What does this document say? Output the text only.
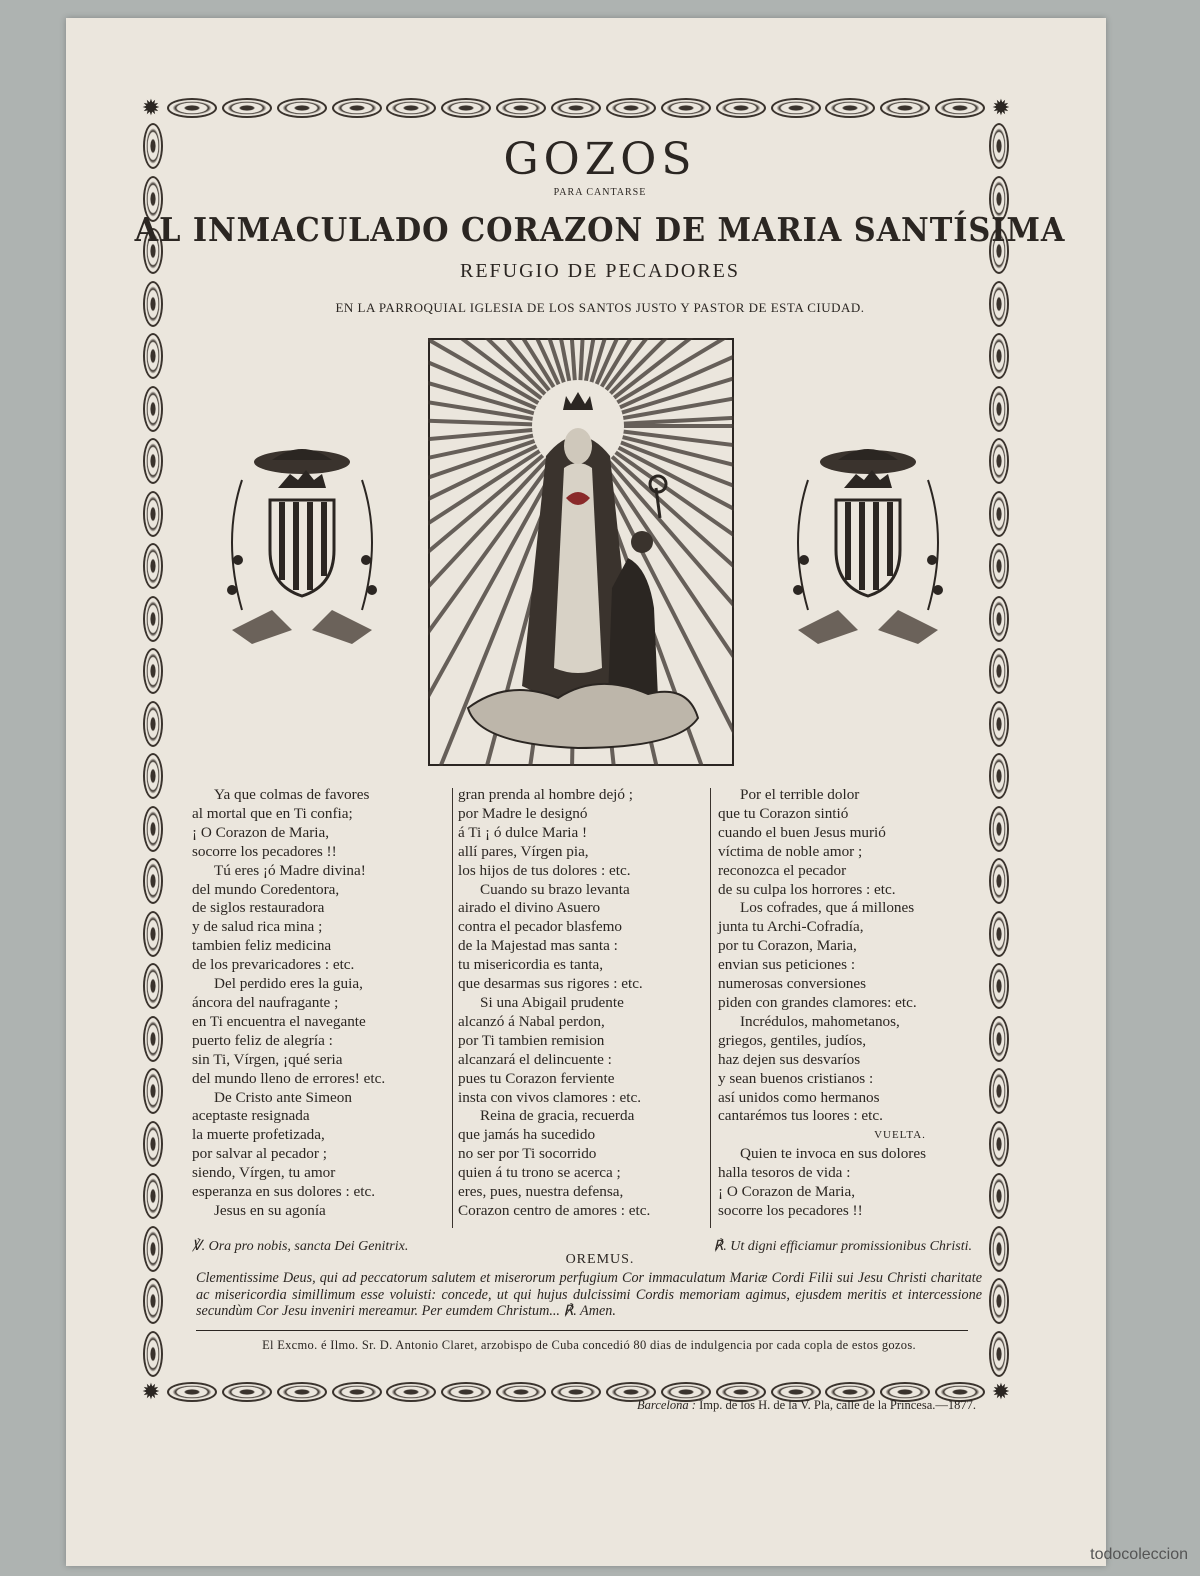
✹	✹
✹	✹
GOZOS
PARA CANTARSE
AL INMACULADO CORAZON DE MARIA SANTÍSIMA
REFUGIO DE PECADORES
EN LA PARROQUIAL IGLESIA DE LOS SANTOS JUSTO Y PASTOR DE ESTA CIUDAD.
Ya que colmas de favores
al mortal que en Ti confia;
¡ O Corazon de Maria,
socorre los pecadores !!
Tú eres ¡ó Madre divina!
del mundo Coredentora,
de siglos restauradora
y de salud rica mina ;
tambien feliz medicina
de los prevaricadores : etc.
Del perdido eres la guia,
áncora del naufragante ;
en Ti encuentra el navegante
puerto feliz de alegría :
sin Ti, Vírgen, ¡qué seria
del mundo lleno de errores! etc.
De Cristo ante Simeon
aceptaste resignada
la muerte profetizada,
por salvar al pecador ;
siendo, Vírgen, tu amor
esperanza en sus dolores : etc.
Jesus en su agonía
gran prenda al hombre dejó ;
por Madre le designó
á Ti ¡ ó dulce Maria !
allí pares, Vírgen pia,
los hijos de tus dolores : etc.
Cuando su brazo levanta
airado el divino Asuero
contra el pecador blasfemo
de la Majestad mas santa :
tu misericordia es tanta,
que desarmas sus rigores : etc.
Si una Abigail prudente
alcanzó á Nabal perdon,
por Ti tambien remision
alcanzará el delincuente :
pues tu Corazon ferviente
insta con vivos clamores : etc.
Reina de gracia, recuerda
que jamás ha sucedido
no ser por Ti socorrido
quien á tu trono se acerca ;
eres, pues, nuestra defensa,
Corazon centro de amores : etc.
Por el terrible dolor
que tu Corazon sintió
cuando el buen Jesus murió
víctima de noble amor ;
reconozca el pecador
de su culpa los horrores : etc.
Los cofrades, que á millones
junta tu Archi-Cofradía,
por tu Corazon, Maria,
envian sus peticiones :
numerosas conversiones
piden con grandes clamores: etc.
Incrédulos, mahometanos,
griegos, gentiles, judíos,
haz dejen sus desvaríos
y sean buenos cristianos :
así unidos como hermanos
cantarémos tus loores : etc.
VUELTA.
Quien te invoca en sus dolores
halla tesoros de vida :
¡ O Corazon de Maria,
socorre los pecadores !!
℣. Ora pro nobis, sancta Dei Genitrix.	℟. Ut digni efficiamur promissionibus Christi.
OREMUS.
Clementissime Deus, qui ad peccatorum salutem et miserorum perfugium Cor immaculatum Mariæ Cordi Filii sui Jesu Christi charitate ac misericordia simillimum esse voluisti: concede, ut qui hujus dulcissimi Cordis memoriam agimus, ejusdem meritis et intercessione secundùm Cor Jesu inveniri mereamur. Per eumdem Christum... ℟. Amen.
El Excmo. é Ilmo. Sr. D. Antonio Claret, arzobispo de Cuba concedió 80 dias de indulgencia por cada copla de estos gozos.
Barcelona : Imp. de los H. de la V. Pla, calle de la Princesa.—1877.
todocoleccion
